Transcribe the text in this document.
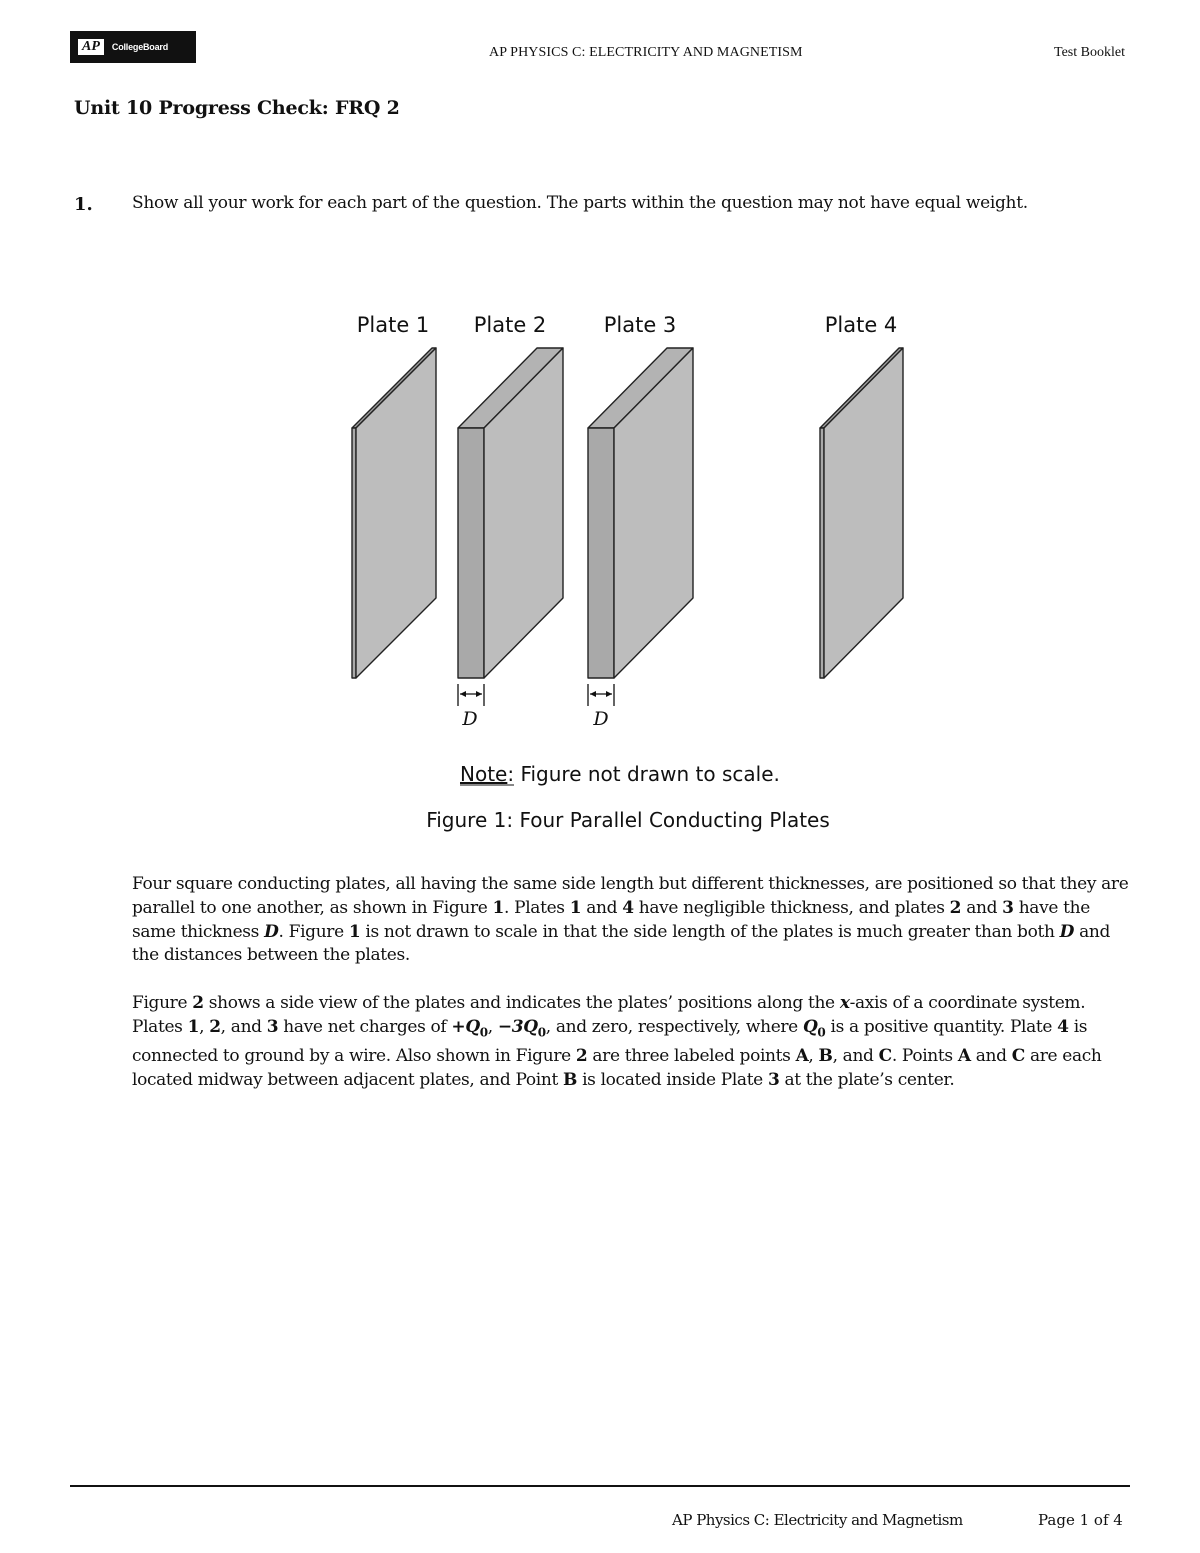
AP	CollegeBoard	AP PHYSICS C: ELECTRICITY AND MAGNETISM	Test Booklet
Unit 10 Progress Check: FRQ 2
1. Show all your work for each part of the question. The parts within the question may not have equal weight.
Plate 1 Plate 2	Plate 3	Plate 4
D	D
Note: Figure not drawn to scale.
Figure 1: Four Parallel Conducting Plates
Four square conducting plates, all having the same side length but different thicknesses, are positioned so that they are parallel to one another, as shown in Figure 1. Plates 1 and 4 have negligible thickness, and plates 2 and 3 have the same thickness D. Figure 1 is not drawn to scale in that the side length of the plates is much greater than both D and the distances between the plates.
Figure 2 shows a side view of the plates and indicates the plates’ positions along the x-axis of a coordinate system. Plates 1, 2, and 3 have net charges of $+Q_0$, $-3Q_0$, and zero, respectively, where $Q_0$ is a positive quantity. Plate 4 is connected to ground by a wire. Also shown in Figure 2 are three labeled points A, B, and C. Points A and C are each located midway between adjacent plates, and Point B is located inside Plate 3 at the plate’s center.
AP Physics C: Electricity and Magnetism	Page 1 of 4
